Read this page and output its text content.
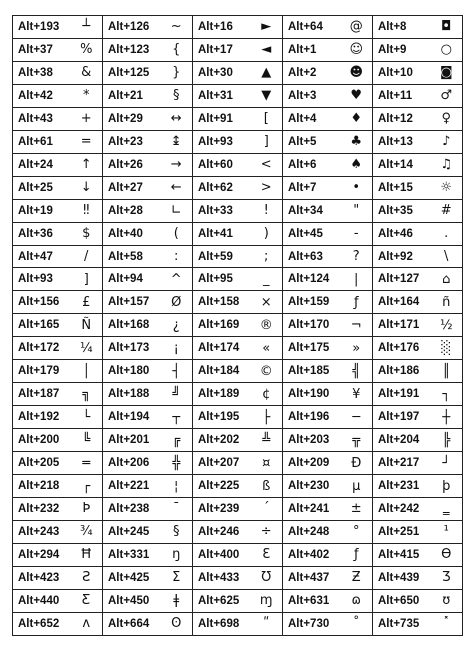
Alt+193	┴	Alt+126	~	Alt+16	►	Alt+64	@	Alt+8	◘
Alt+37	%	Alt+123	{	Alt+17	◄	Alt+1	☺	Alt+9	○
Alt+38	&	Alt+125	}	Alt+30	▲	Alt+2	☻	Alt+10	◙
Alt+42	*	Alt+21	§	Alt+31	▼	Alt+3	♥	Alt+11	♂
Alt+43	+	Alt+29	↔	Alt+91	[	Alt+4	♦	Alt+12	♀
Alt+61	=	Alt+23	↨	Alt+93	]	Alt+5	♣	Alt+13	♪
Alt+24	↑	Alt+26	→	Alt+60	<	Alt+6	♠	Alt+14	♫
Alt+25	↓	Alt+27	←	Alt+62	>	Alt+7	•	Alt+15	☼
Alt+19	‼	Alt+28	∟	Alt+33	!	Alt+34	"	Alt+35	#
Alt+36	$	Alt+40	(	Alt+41	)	Alt+45	-	Alt+46	.
Alt+47	/	Alt+58	:	Alt+59	;	Alt+63	?	Alt+92	\
Alt+93	]	Alt+94	^	Alt+95	_	Alt+124	|	Alt+127	⌂
Alt+156	£	Alt+157	Ø	Alt+158	×	Alt+159	ƒ	Alt+164	ñ
Alt+165	Ñ	Alt+168	¿	Alt+169	®	Alt+170	¬	Alt+171	½
Alt+172	¼	Alt+173	¡	Alt+174	«	Alt+175	»	Alt+176	░
Alt+179	│	Alt+180	┤	Alt+184	©	Alt+185	╣	Alt+186	║
Alt+187	╗	Alt+188	╝	Alt+189	¢	Alt+190	¥	Alt+191	┐
Alt+192	└	Alt+194	┬	Alt+195	├	Alt+196	─	Alt+197	┼
Alt+200	╚	Alt+201	╔	Alt+202	╩	Alt+203	╦	Alt+204	╠
Alt+205	═	Alt+206	╬	Alt+207	¤	Alt+209	Đ	Alt+217	┘
Alt+218	┌	Alt+221	¦	Alt+225	ß	Alt+230	µ	Alt+231	þ
Alt+232	Þ	Alt+238	¯	Alt+239	´	Alt+241	±	Alt+242	‗
Alt+243	¾	Alt+245	§	Alt+246	÷	Alt+248	°	Alt+251	¹
Alt+294	Ħ	Alt+331	ŋ	Alt+400	Ɛ	Alt+402	ƒ	Alt+415	Ɵ
Alt+423	Ƨ	Alt+425	Ʃ	Alt+433	Ʊ	Alt+437	Ƶ	Alt+439	Ʒ
Alt+440	Ƹ	Alt+450	ǂ	Alt+625	ɱ	Alt+631	ɷ	Alt+650	ʊ
Alt+652	ʌ	Alt+664	ʘ	Alt+698	ʺ	Alt+730	˚	Alt+735	˟
